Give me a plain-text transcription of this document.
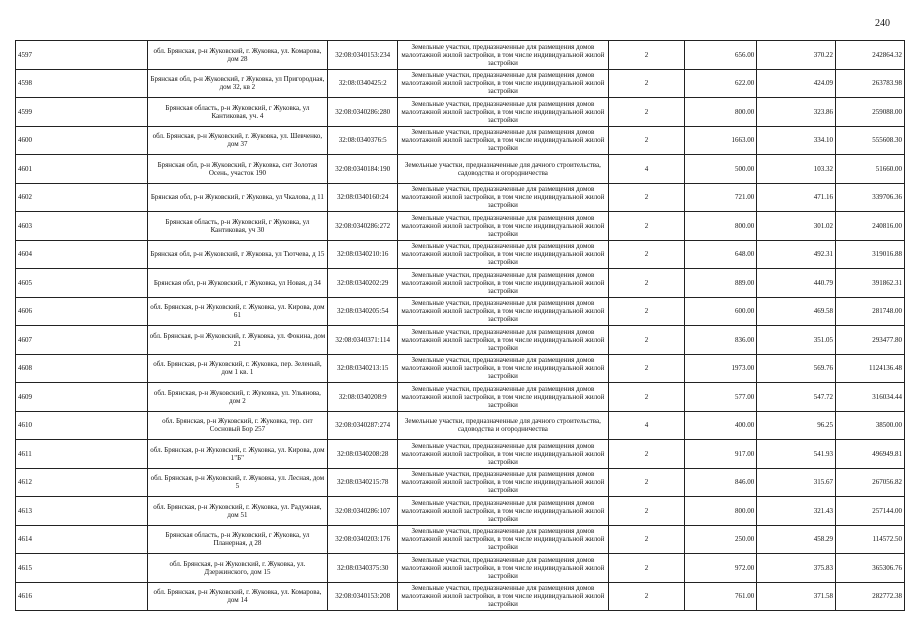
240
4597	обл. Брянская, р-н Жуковский, г. Жуковка, ул. Комарова, дом 28	32:08:0340153:234	Земельные участки, предназначенные для размещения домов малоэтажной жилой застройки, в том числе индивидуальной жилой застройки	2	656.00	370.22	242864.32
4598	Брянская обл, р-н Жуковский, г Жуковка, ул Пригородная, дом 32, кв 2	32:08:0340425:2	Земельные участки, предназначенные для размещения домов малоэтажной жилой застройки, в том числе индивидуальной жилой застройки	2	622.00	424.09	263783.98
4599	Брянская область, р-н Жуковский, г Жуковка, ул Кантиковая, уч. 4	32:08:0340286:280	Земельные участки, предназначенные для размещения домов малоэтажной жилой застройки, в том числе индивидуальной жилой застройки	2	800.00	323.86	259088.00
4600	обл. Брянская, р-н Жуковский, г. Жуковка, ул. Шевченко, дом 37	32:08:0340376:5	Земельные участки, предназначенные для размещения домов малоэтажной жилой застройки, в том числе индивидуальной жилой застройки	2	1663.00	334.10	555608.30
4601	Брянская обл, р-н Жуковский, г Жуковка, снт Золотая Осень, участок 190	32:08:0340184:190	Земельные участки, предназначенные для дачного строительства, садоводства и огородничества	4	500.00	103.32	51660.00
4602	Брянская обл, р-н Жуковский, г Жуковка, ул Чкалова, д 11	32:08:0340160:24	Земельные участки, предназначенные для размещения домов малоэтажной жилой застройки, в том числе индивидуальной жилой застройки	2	721.00	471.16	339706.36
4603	Брянская область, р-н Жуковский, г Жуковка, ул Кантиковая, уч 30	32:08:0340286:272	Земельные участки, предназначенные для размещения домов малоэтажной жилой застройки, в том числе индивидуальной жилой застройки	2	800.00	301.02	240816.00
4604	Брянская обл, р-н Жуковский, г Жуковка, ул Тютчева, д 15	32:08:0340210:16	Земельные участки, предназначенные для размещения домов малоэтажной жилой застройки, в том числе индивидуальной жилой застройки	2	648.00	492.31	319016.88
4605	Брянская обл, р-н Жуковский, г Жуковка, ул Новая, д 34	32:08:0340202:29	Земельные участки, предназначенные для размещения домов малоэтажной жилой застройки, в том числе индивидуальной жилой застройки	2	889.00	440.79	391862.31
4606	обл. Брянская, р-н Жуковский, г. Жуковка, ул. Кирова, дом 61	32:08:0340205:54	Земельные участки, предназначенные для размещения домов малоэтажной жилой застройки, в том числе индивидуальной жилой застройки	2	600.00	469.58	281748.00
4607	обл. Брянская, р-н Жуковский, г. Жуковка, ул. Фокина, дом 21	32:08:0340371:114	Земельные участки, предназначенные для размещения домов малоэтажной жилой застройки, в том числе индивидуальной жилой застройки	2	836.00	351.05	293477.80
4608	обл. Брянская, р-н Жуковский, г. Жуковка, пер. Зеленый, дом 1 кв. 1	32:08:0340213:15	Земельные участки, предназначенные для размещения домов малоэтажной жилой застройки, в том числе индивидуальной жилой застройки	2	1973.00	569.76	1124136.48
4609	обл. Брянская, р-н Жуковский, г. Жуковка, ул. Ульянова, дом 2	32:08:0340208:9	Земельные участки, предназначенные для размещения домов малоэтажной жилой застройки, в том числе индивидуальной жилой застройки	2	577.00	547.72	316034.44
4610	обл. Брянская, р-н Жуковский, г. Жуковка, тер. снт Сосновый Бор 257	32:08:0340287:274	Земельные участки, предназначенные для дачного строительства, садоводства и огородничества	4	400.00	96.25	38500.00
4611	обл. Брянская, р-н Жуковский, г. Жуковка, ул. Кирова, дом 1"Б"	32:08:0340208:28	Земельные участки, предназначенные для размещения домов малоэтажной жилой застройки, в том числе индивидуальной жилой застройки	2	917.00	541.93	496949.81
4612	обл. Брянская, р-н Жуковский, г. Жуковка, ул. Лесная, дом 5	32:08:0340215:78	Земельные участки, предназначенные для размещения домов малоэтажной жилой застройки, в том числе индивидуальной жилой застройки	2	846.00	315.67	267056.82
4613	обл. Брянская, р-н Жуковский, г. Жуковка, ул. Радужная, дом 51	32:08:0340286:107	Земельные участки, предназначенные для размещения домов малоэтажной жилой застройки, в том числе индивидуальной жилой застройки	2	800.00	321.43	257144.00
4614	Брянская область, р-н Жуковский, г Жуковка, ул Планерная, д 28	32:08:0340203:176	Земельные участки, предназначенные для размещения домов малоэтажной жилой застройки, в том числе индивидуальной жилой застройки	2	250.00	458.29	114572.50
4615	обл. Брянская, р-н Жуковский, г. Жуковка, ул. Дзержинского, дом 15	32:08:0340375:30	Земельные участки, предназначенные для размещения домов малоэтажной жилой застройки, в том числе индивидуальной жилой застройки	2	972.00	375.83	365306.76
4616	обл. Брянская, р-н Жуковский, г. Жуковка, ул. Комарова, дом 14	32:08:0340153:208	Земельные участки, предназначенные для размещения домов малоэтажной жилой застройки, в том числе индивидуальной жилой застройки	2	761.00	371.58	282772.38
